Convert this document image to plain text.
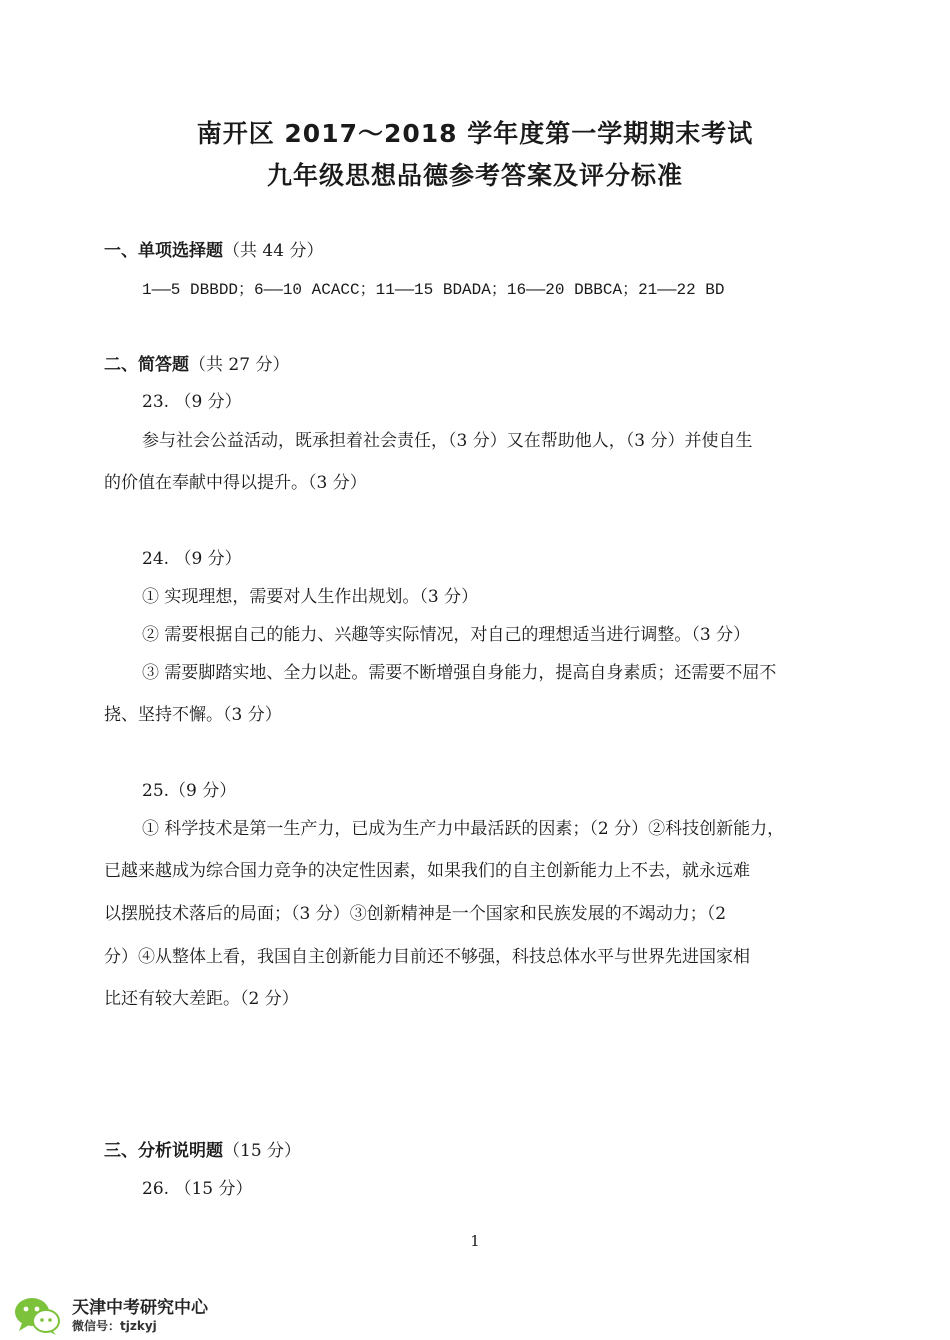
南开区 2017～2018 学年度第一学期期末考试
九年级思想品德参考答案及评分标准
一、单项选择题（共 44 分）
1——5 DBBDD；6——10 ACACC；11——15 BDADA；16——20 DBBCA；21——22 BD
二、简答题（共 27 分）
23. （9 分）
参与社会公益活动，既承担着社会责任，（3 分）又在帮助他人，（3 分）并使自生
的价值在奉献中得以提升。（3 分）
24. （9 分）
① 实现理想，需要对人生作出规划。（3 分）
② 需要根据自己的能力、兴趣等实际情况，对自己的理想适当进行调整。（3 分）
③ 需要脚踏实地、全力以赴。需要不断增强自身能力，提高自身素质；还需要不屈不
挠、坚持不懈。（3 分）
25.（9 分）
① 科学技术是第一生产力，已成为生产力中最活跃的因素；（2 分）②科技创新能力，
已越来越成为综合国力竞争的决定性因素，如果我们的自主创新能力上不去，就永远难
以摆脱技术落后的局面；（3 分）③创新精神是一个国家和民族发展的不竭动力；（2
分）④从整体上看，我国自主创新能力目前还不够强，科技总体水平与世界先进国家相
比还有较大差距。（2 分）
三、分析说明题（15 分）
26. （15 分）
1
天津中考研究中心
微信号：tjzkyj
